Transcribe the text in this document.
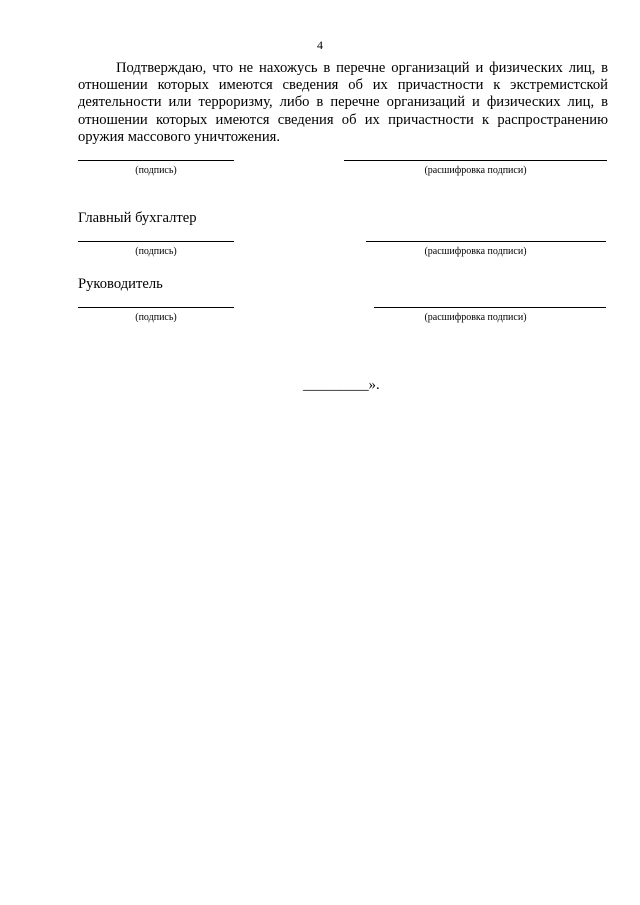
4

Подтверждаю, что не нахожусь в перечне организаций и физических лиц, в отношении которых имеются сведения об их причастности к экстремистской деятельности или терроризму, либо в перечне организаций и физических лиц, в отношении которых имеются сведения об их причастности к распространению оружия массового уничтожения.

(подпись)	(расшифровка подписи)
Главный бухгалтер
(подпись)	(расшифровка подписи)
Руководитель
(подпись)	(расшифровка подписи)
_________».
